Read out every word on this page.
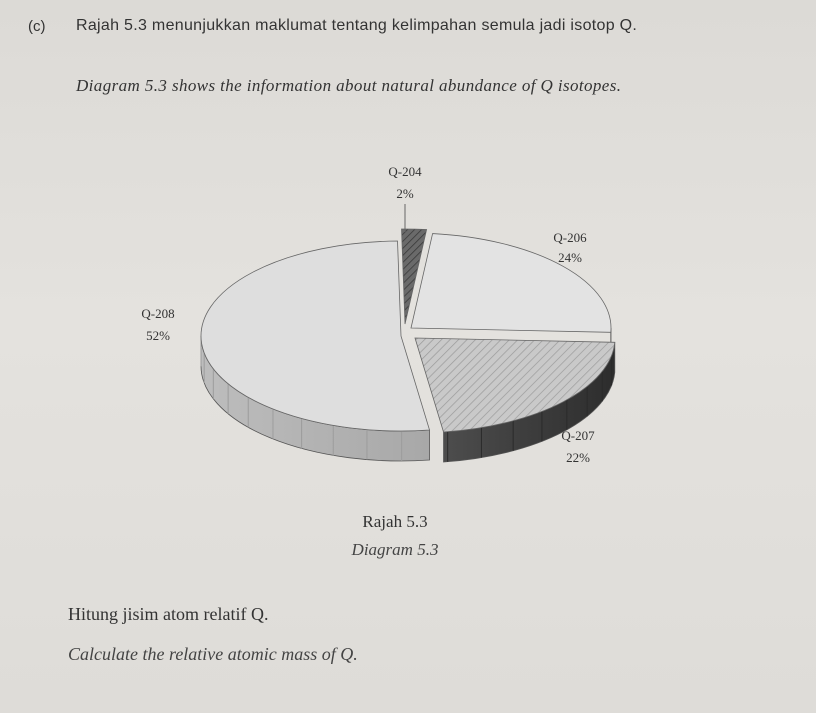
(c) Rajah 5.3 menunjukkan maklumat tentang kelimpahan semula jadi isotop Q.
Diagram 5.3 shows the information about natural abundance of Q isotopes.
Q-204
2%
Q-206
24%
Q-207
22%
Q-208
52%
Rajah 5.3
Diagram 5.3
Hitung jisim atom relatif Q.
Calculate the relative atomic mass of Q.
